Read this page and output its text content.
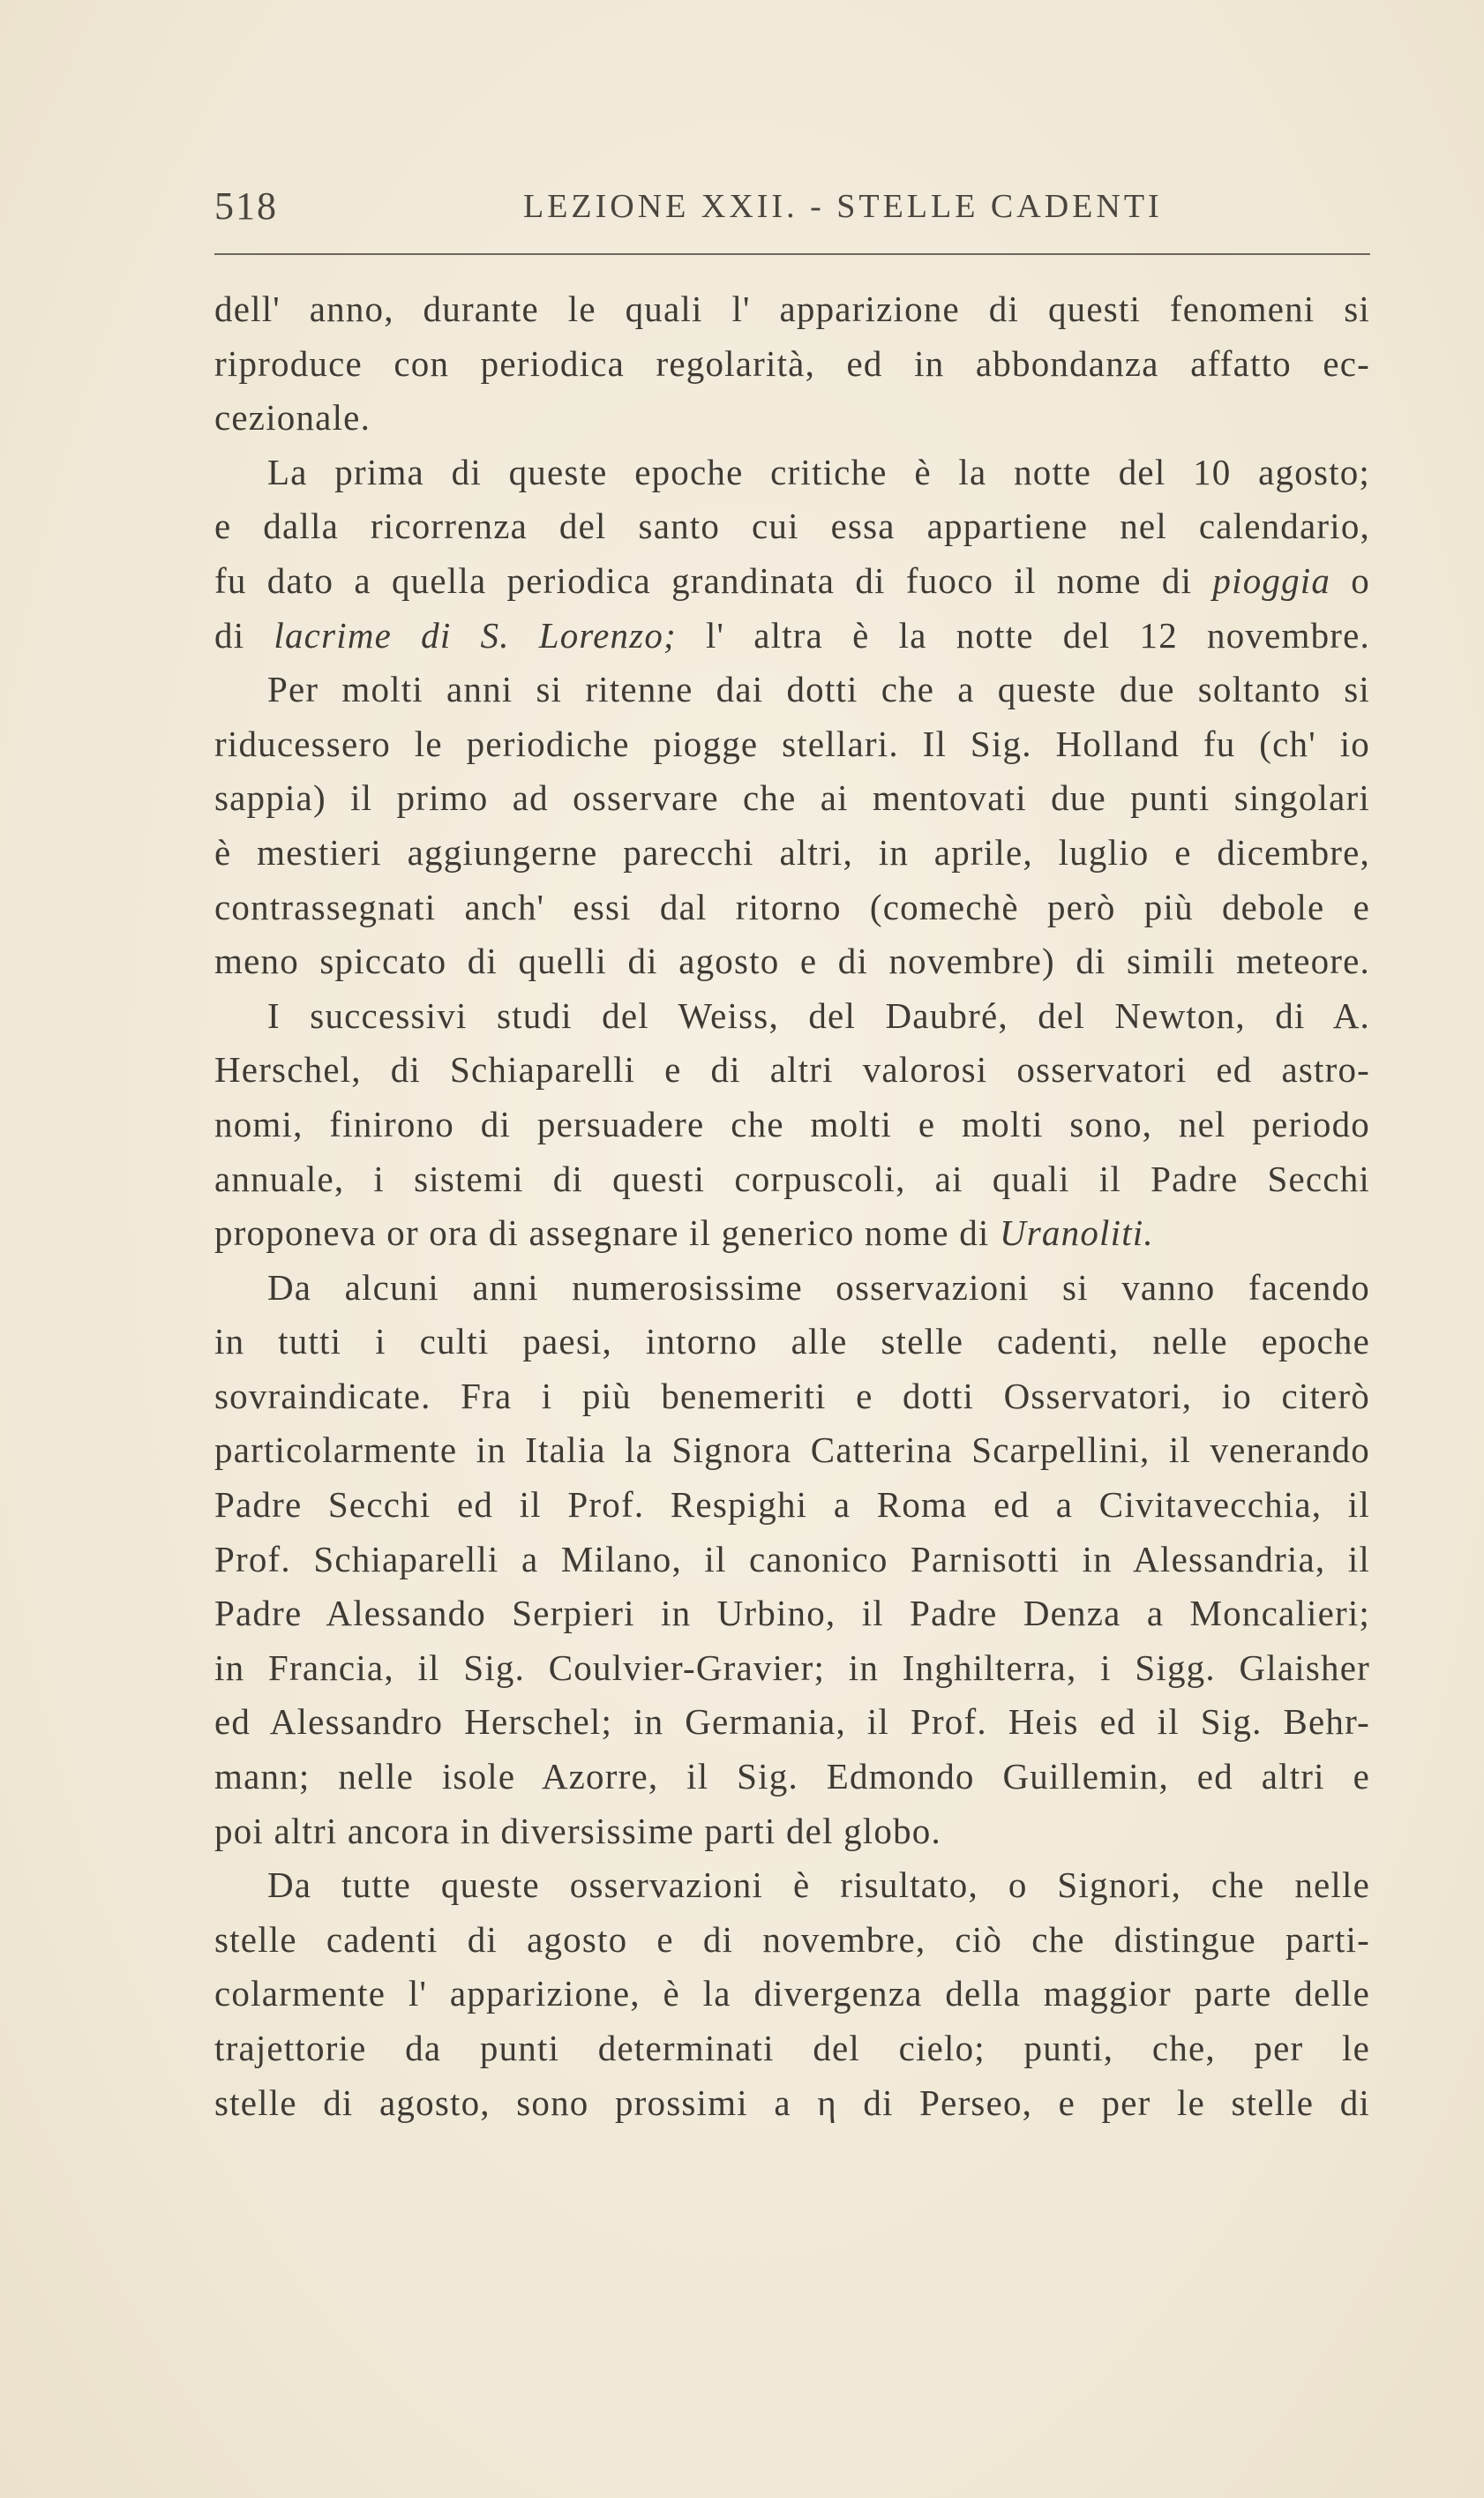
518	LEZIONE XXII. - STELLE CADENTI
dell' anno, durante le quali l' apparizione di questi fenomeni si
riproduce con periodica regolarità, ed in abbondanza affatto ec-
cezionale.
La prima di queste epoche critiche è la notte del 10 agosto;
e dalla ricorrenza del santo cui essa appartiene nel calendario,
fu dato a quella periodica grandinata di fuoco il nome di pioggia o
di lacrime di S. Lorenzo; l' altra è la notte del 12 novembre.
Per molti anni si ritenne dai dotti che a queste due soltanto si
riducessero le periodiche piogge stellari. Il Sig. Holland fu (ch' io
sappia) il primo ad osservare che ai mentovati due punti singolari
è mestieri aggiungerne parecchi altri, in aprile, luglio e dicembre,
contrassegnati anch' essi dal ritorno (comechè però più debole e
meno spiccato di quelli di agosto e di novembre) di simili meteore.
I successivi studi del Weiss, del Daubré, del Newton, di A.
Herschel, di Schiaparelli e di altri valorosi osservatori ed astro-
nomi, finirono di persuadere che molti e molti sono, nel periodo
annuale, i sistemi di questi corpuscoli, ai quali il Padre Secchi
proponeva or ora di assegnare il generico nome di Uranoliti.
Da alcuni anni numerosissime osservazioni si vanno facendo
in tutti i culti paesi, intorno alle stelle cadenti, nelle epoche
sovraindicate. Fra i più benemeriti e dotti Osservatori, io citerò
particolarmente in Italia la Signora Catterina Scarpellini, il venerando
Padre Secchi ed il Prof. Respighi a Roma ed a Civitavecchia, il
Prof. Schiaparelli a Milano, il canonico Parnisotti in Alessandria, il
Padre Alessando Serpieri in Urbino, il Padre Denza a Moncalieri;
in Francia, il Sig. Coulvier-Gravier; in Inghilterra, i Sigg. Glaisher
ed Alessandro Herschel; in Germania, il Prof. Heis ed il Sig. Behr-
mann; nelle isole Azorre, il Sig. Edmondo Guillemin, ed altri e
poi altri ancora in diversissime parti del globo.
Da tutte queste osservazioni è risultato, o Signori, che nelle
stelle cadenti di agosto e di novembre, ciò che distingue parti-
colarmente l' apparizione, è la divergenza della maggior parte delle
trajettorie da punti determinati del cielo; punti, che, per le
stelle di agosto, sono prossimi a η di Perseo, e per le stelle di
